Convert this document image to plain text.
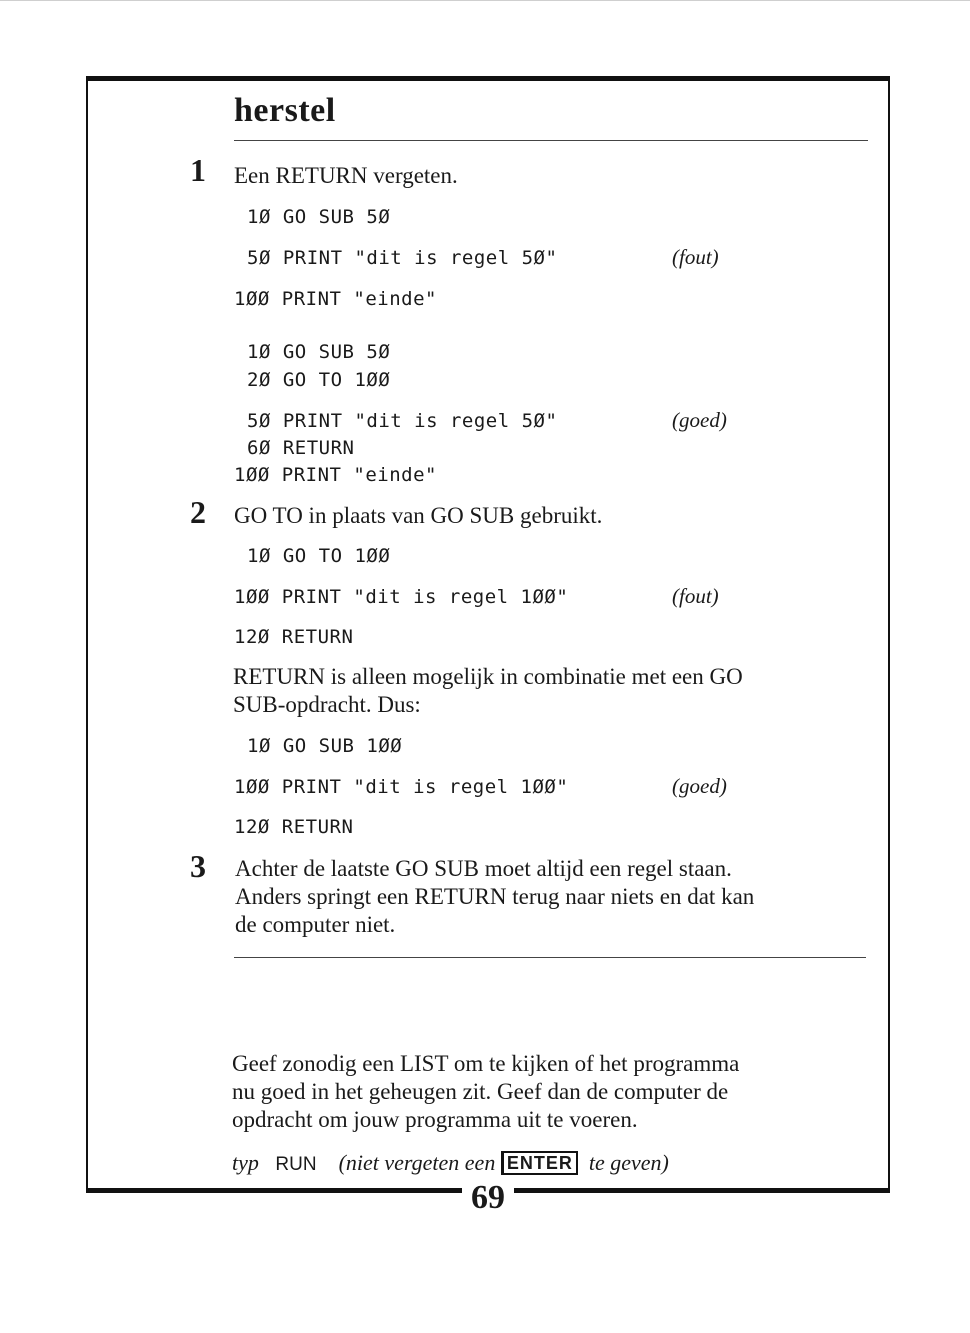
herstel
1 Een RETURN vergeten.
1Ø GO SUB 5Ø
5Ø PRINT "dit is regel 5Ø"	(fout)
1ØØ PRINT "einde"
1Ø GO SUB 5Ø
2Ø GO TO 1ØØ
5Ø PRINT "dit is regel 5Ø"	(goed)
6Ø RETURN
1ØØ PRINT "einde"
2 GO TO in plaats van GO SUB gebruikt.
1Ø GO TO 1ØØ
1ØØ PRINT "dit is regel 1ØØ"	(fout)
12Ø RETURN
RETURN is alleen mogelijk in combinatie met een GO
SUB-opdracht. Dus:
1Ø GO SUB 1ØØ
1ØØ PRINT "dit is regel 1ØØ"	(goed)
12Ø RETURN
3 Achter de laatste GO SUB moet altijd een regel staan.
Anders springt een RETURN terug naar niets en dat kan
de computer niet.
Geef zonodig een LIST om te kijken of het programma
nu goed in het geheugen zit. Geef dan de computer de
opdracht om jouw programma uit te voeren.
typ RUN (niet vergeten een ENTER te geven)
69
